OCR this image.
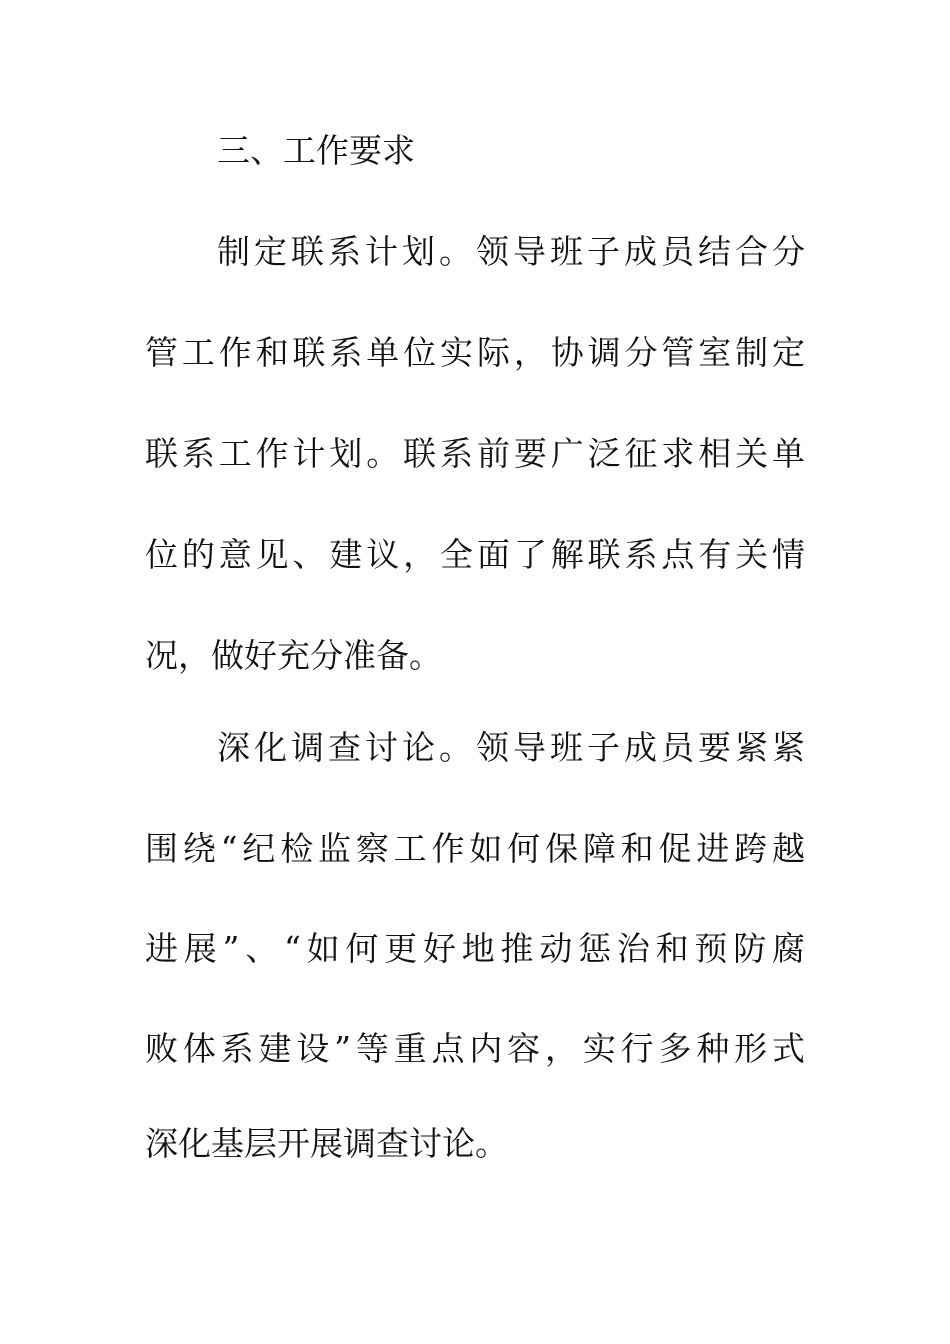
三、工作要求
制定联系计划。领导班子成员结合分
管工作和联系单位实际，协调分管室制定
联系工作计划。联系前要广泛征求相关单
位的意见、建议，全面了解联系点有关情
况，做好充分准备。
深化调查讨论。领导班子成员要紧紧
围绕“纪检监察工作如何保障和促进跨越
进展”、“如何更好地推动惩治和预防腐
败体系建设”等重点内容，实行多种形式
深化基层开展调查讨论。
